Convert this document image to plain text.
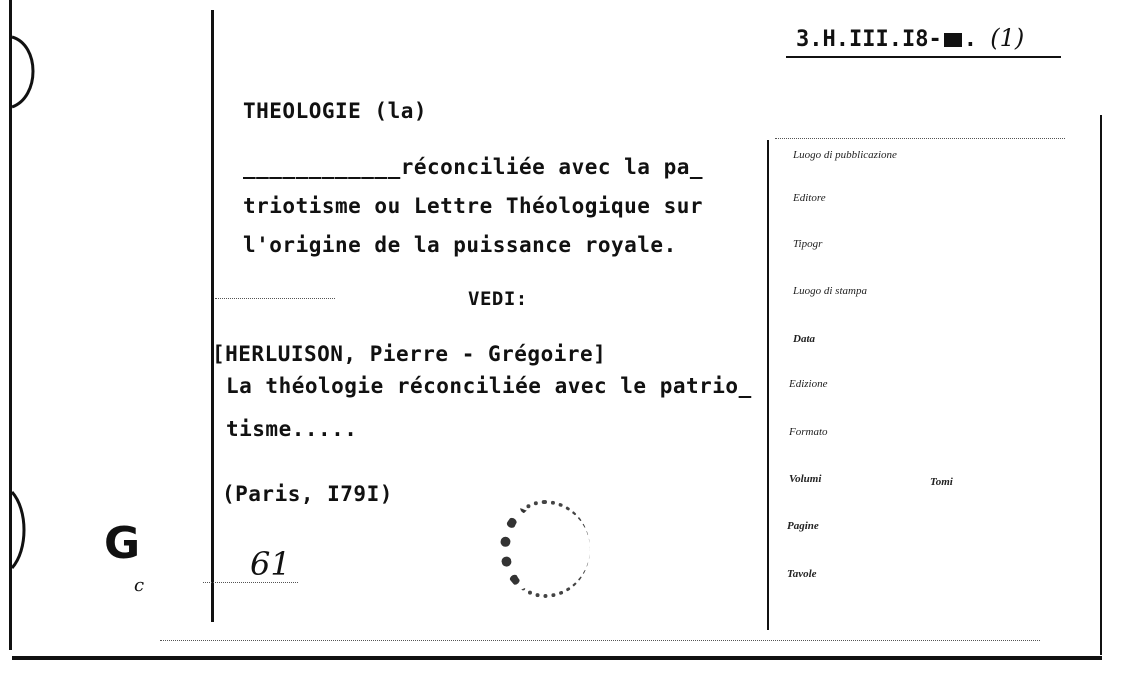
3.H.III.I8- . (1)
THEOLOGIE (la)
____________réconciliée avec la pa_
triotisme ou Lettre Théologique sur
l'origine de la puissance royale.
VEDI:
[HERLUISON, Pierre - Grégoire]
La théologie réconciliée avec le patrio_
tisme.....
(Paris, I79I)
61
G
c
Luogo di pubblicazione
Editore
Tipogr
Luogo di stampa
Data
Edizione
Formato
Volumi	Tomi
Pagine
Tavole
